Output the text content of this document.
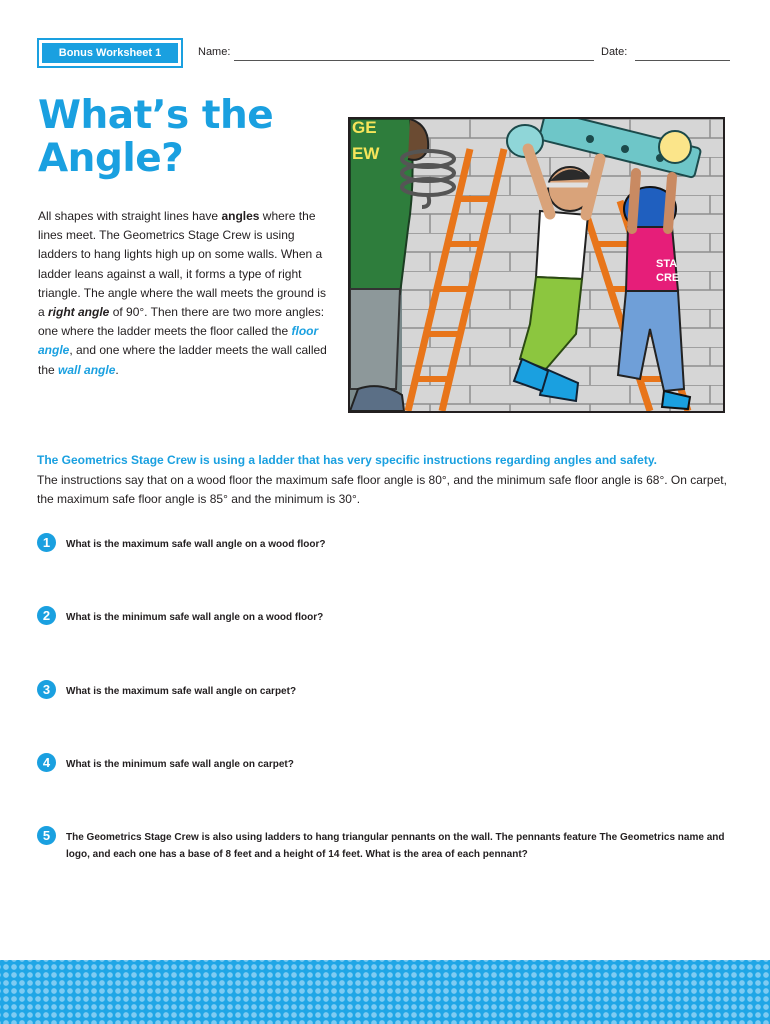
Bonus Worksheet 1	Name:	Date:
What’s the
Angle?
All shapes with straight lines have angles where the lines meet. The Geometrics Stage Crew is using ladders to hang lights high up on some walls. When a ladder leans against a wall, it forms a type of right triangle. The angle where the wall meets the ground is a right angle of 90°. Then there are two more angles: one where the ladder meets the floor called the floor angle, and one where the ladder meets the wall called the wall angle.
GE
EW
STA
CRE
The Geometrics Stage Crew is using a ladder that has very specific instructions regarding angles and safety.
The instructions say that on a wood floor the maximum safe floor angle is 80°, and the minimum safe floor angle is 68°. On carpet, the maximum safe floor angle is 85° and the minimum is 30°.
1	What is the maximum safe wall angle on a wood floor?
2	What is the minimum safe wall angle on a wood floor?
3	What is the maximum safe wall angle on carpet?
4	What is the minimum safe wall angle on carpet?
5	The Geometrics Stage Crew is also using ladders to hang triangular pennants on the wall. The pennants feature The Geometrics name and logo, and each one has a base of 8 feet and a height of 14 feet. What is the area of each pennant?
